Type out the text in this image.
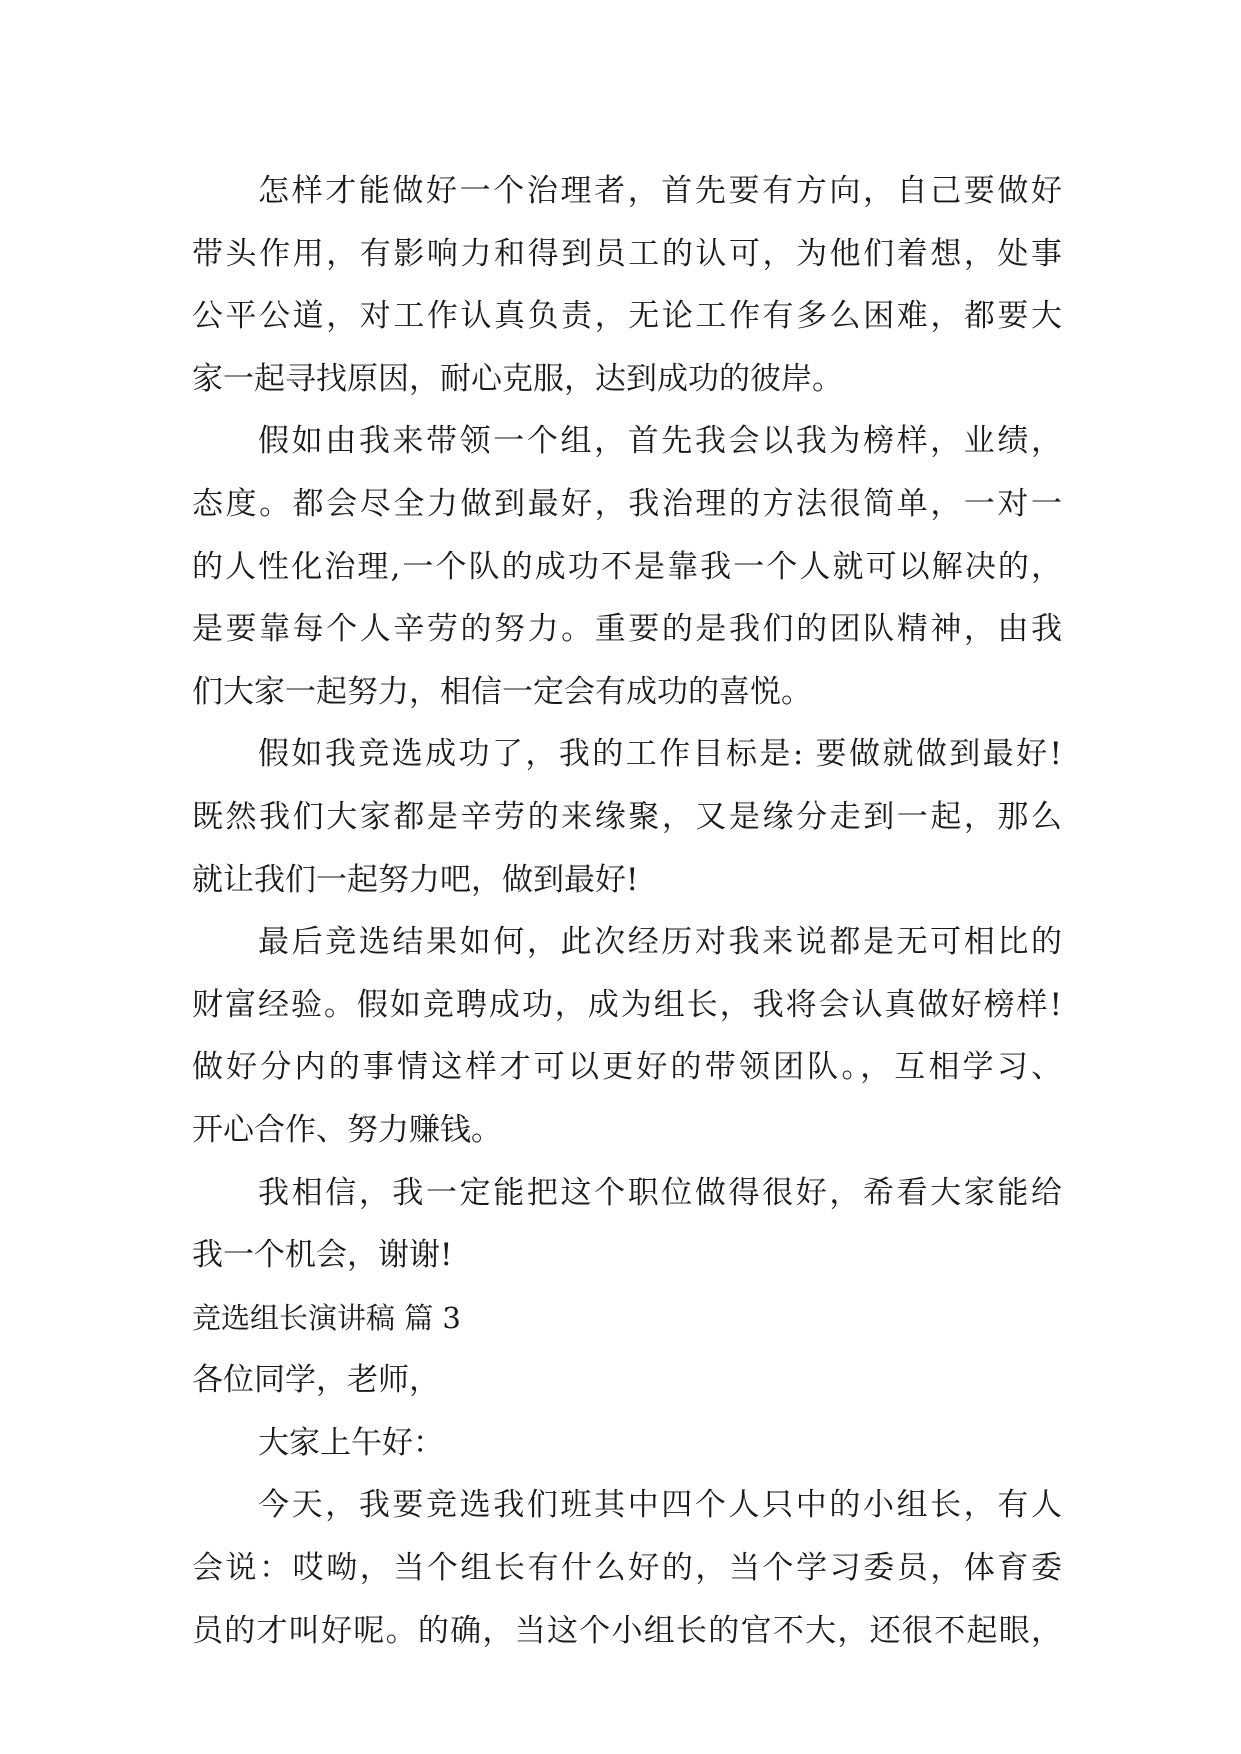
怎样才能做好一个治理者，首先要有方向，自己要做好
带头作用，有影响力和得到员工的认可，为他们着想，处事
公平公道，对工作认真负责，无论工作有多么困难，都要大
家一起寻找原因，耐心克服，达到成功的彼岸。
假如由我来带领一个组，首先我会以我为榜样，业绩，
态度。都会尽全力做到最好，我治理的方法很简单，一对一
的人性化治理,一个队的成功不是靠我一个人就可以解决的，
是要靠每个人辛劳的努力。重要的是我们的团队精神，由我
们大家一起努力，相信一定会有成功的喜悦。
假如我竞选成功了，我的工作目标是: 要做就做到最好!
既然我们大家都是辛劳的来缘聚，又是缘分走到一起，那么
就让我们一起努力吧，做到最好!
最后竞选结果如何，此次经历对我来说都是无可相比的
财富经验。假如竞聘成功，成为组长，我将会认真做好榜样!
做好分内的事情这样才可以更好的带领团队。，互相学习、
开心合作、努力赚钱。
我相信，我一定能把这个职位做得很好，希看大家能给
我一个机会，谢谢!
竞选组长演讲稿 篇 3
各位同学，老师，
大家上午好：
今天，我要竞选我们班其中四个人只中的小组长，有人
会说：哎呦，当个组长有什么好的，当个学习委员，体育委
员的才叫好呢。的确，当这个小组长的官不大，还很不起眼，
